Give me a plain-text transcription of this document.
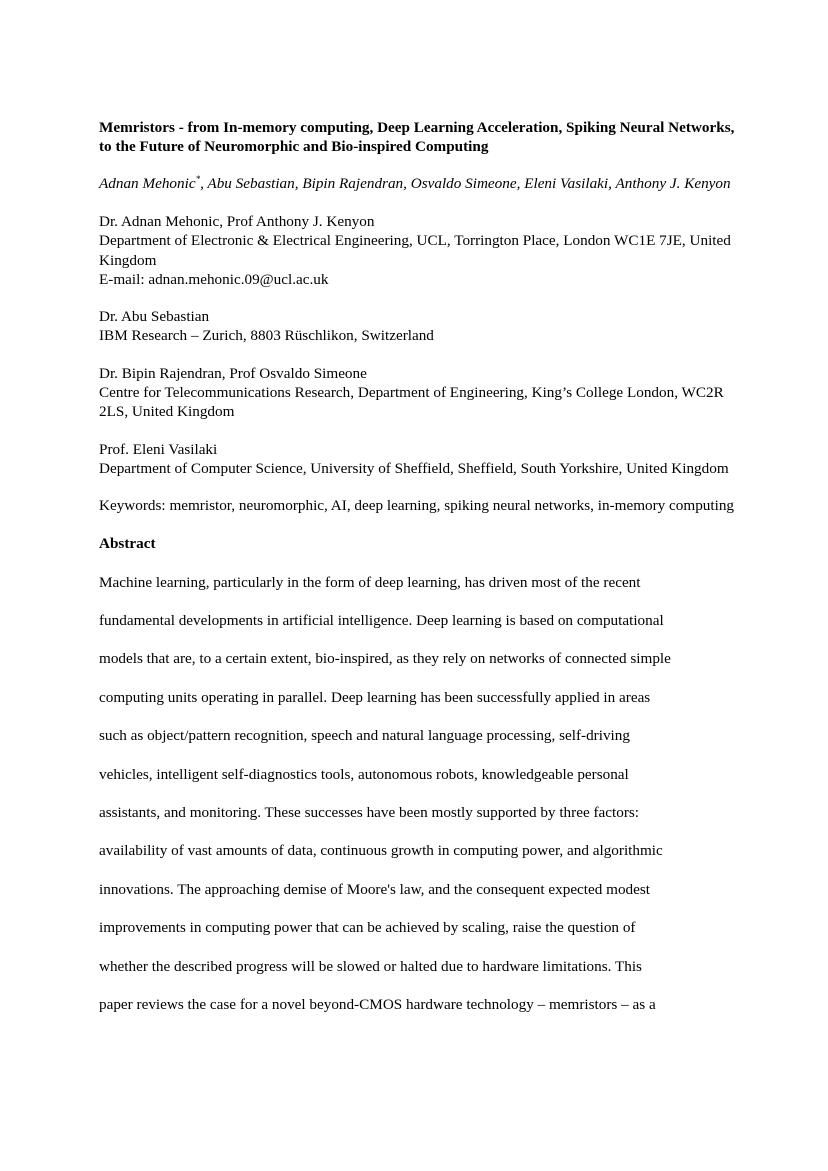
Memristors - from In-memory computing, Deep Learning Acceleration, Spiking Neural Networks, to the Future of Neuromorphic and Bio-inspired Computing

Adnan Mehonic*, Abu Sebastian, Bipin Rajendran, Osvaldo Simeone, Eleni Vasilaki, Anthony J. Kenyon

Dr. Adnan Mehonic, Prof Anthony J. Kenyon
Department of Electronic & Electrical Engineering, UCL, Torrington Place, London WC1E 7JE, United Kingdom
E-mail: adnan.mehonic.09@ucl.ac.uk
Dr. Abu Sebastian
IBM Research – Zurich, 8803 Rüschlikon, Switzerland
Dr. Bipin Rajendran, Prof Osvaldo Simeone
Centre for Telecommunications Research, Department of Engineering, King’s College London, WC2R 2LS, United Kingdom
Prof. Eleni Vasilaki
Department of Computer Science, University of Sheffield, Sheffield, South Yorkshire, United Kingdom

Keywords: memristor, neuromorphic, AI, deep learning, spiking neural networks, in-memory computing

Abstract
Machine learning, particularly in the form of deep learning, has driven most of the recent
fundamental developments in artificial intelligence. Deep learning is based on computational
models that are, to a certain extent, bio-inspired, as they rely on networks of connected simple
computing units operating in parallel. Deep learning has been successfully applied in areas
such as object/pattern recognition, speech and natural language processing, self-driving
vehicles, intelligent self-diagnostics tools, autonomous robots, knowledgeable personal
assistants, and monitoring. These successes have been mostly supported by three factors:
availability of vast amounts of data, continuous growth in computing power, and algorithmic
innovations. The approaching demise of Moore's law, and the consequent expected modest
improvements in computing power that can be achieved by scaling, raise the question of
whether the described progress will be slowed or halted due to hardware limitations. This
paper reviews the case for a novel beyond-CMOS hardware technology – memristors – as a
